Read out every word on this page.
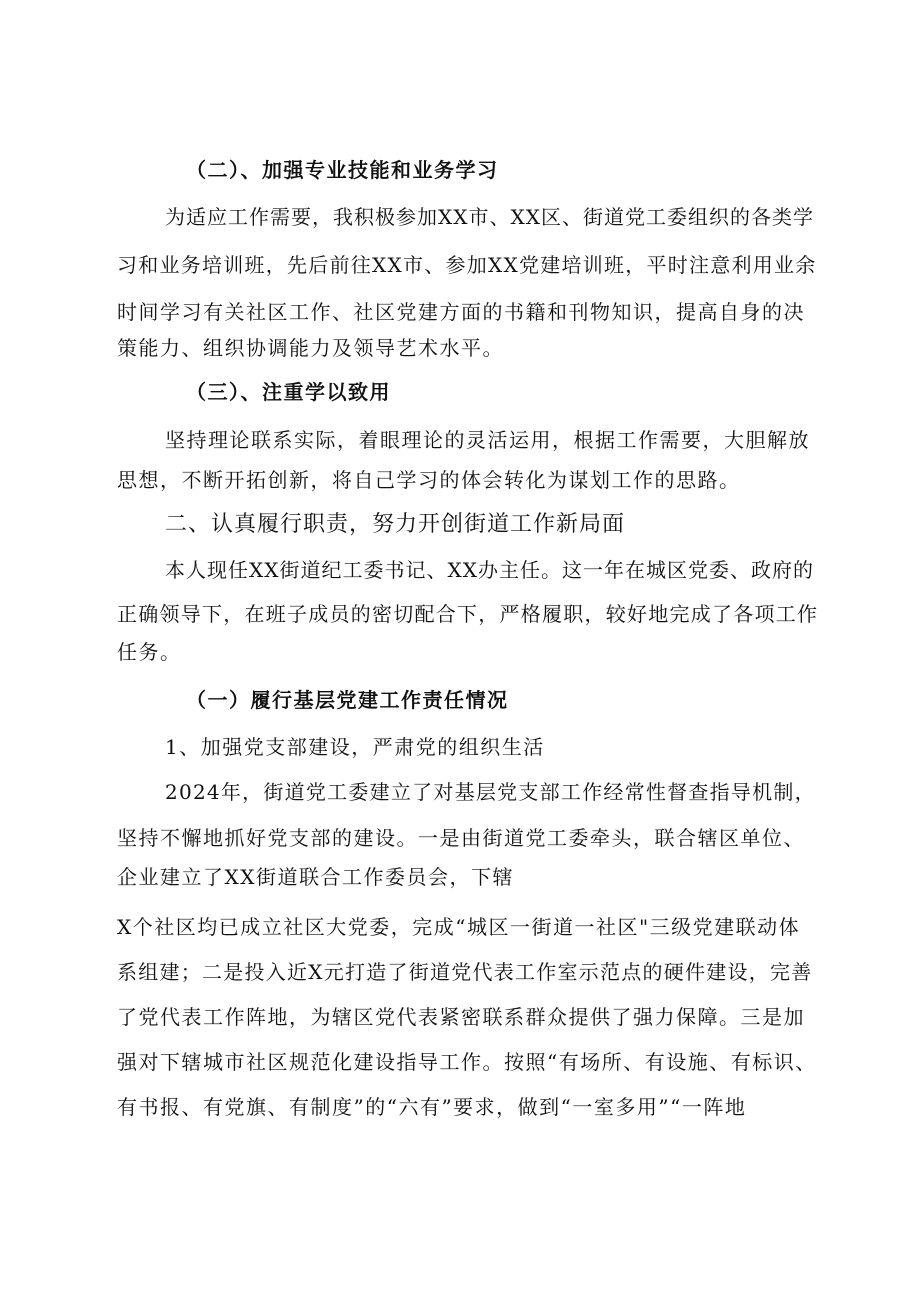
（二）、加强专业技能和业务学习
为适应工作需要，我积极参加XX市、XX区、街道党工委组织的各类学
习和业务培训班，先后前往XX市、参加XX党建培训班，平时注意利用业余
时间学习有关社区工作、社区党建方面的书籍和刊物知识，提高自身的决
策能力、组织协调能力及领导艺术水平。
（三）、注重学以致用
坚持理论联系实际，着眼理论的灵活运用，根据工作需要，大胆解放
思想，不断开拓创新，将自己学习的体会转化为谋划工作的思路。
二、认真履行职责，努力开创街道工作新局面
本人现任XX街道纪工委书记、XX办主任。这一年在城区党委、政府的
正确领导下，在班子成员的密切配合下，严格履职，较好地完成了各项工作
任务。
（一）履行基层党建工作责任情况
1、加强党支部建设，严肃党的组织生活
2024年，街道党工委建立了对基层党支部工作经常性督查指导机制，
坚持不懈地抓好党支部的建设。一是由街道党工委牵头，联合辖区单位、
企业建立了XX街道联合工作委员会，下辖
X个社区均已成立社区大党委，完成“城区一街道一社区"三级党建联动体
系组建；二是投入近X元打造了街道党代表工作室示范点的硬件建设，完善
了党代表工作阵地，为辖区党代表紧密联系群众提供了强力保障。三是加
强对下辖城市社区规范化建设指导工作。按照“有场所、有设施、有标识、
有书报、有党旗、有制度”的“六有”要求，做到“一室多用”“一阵地
